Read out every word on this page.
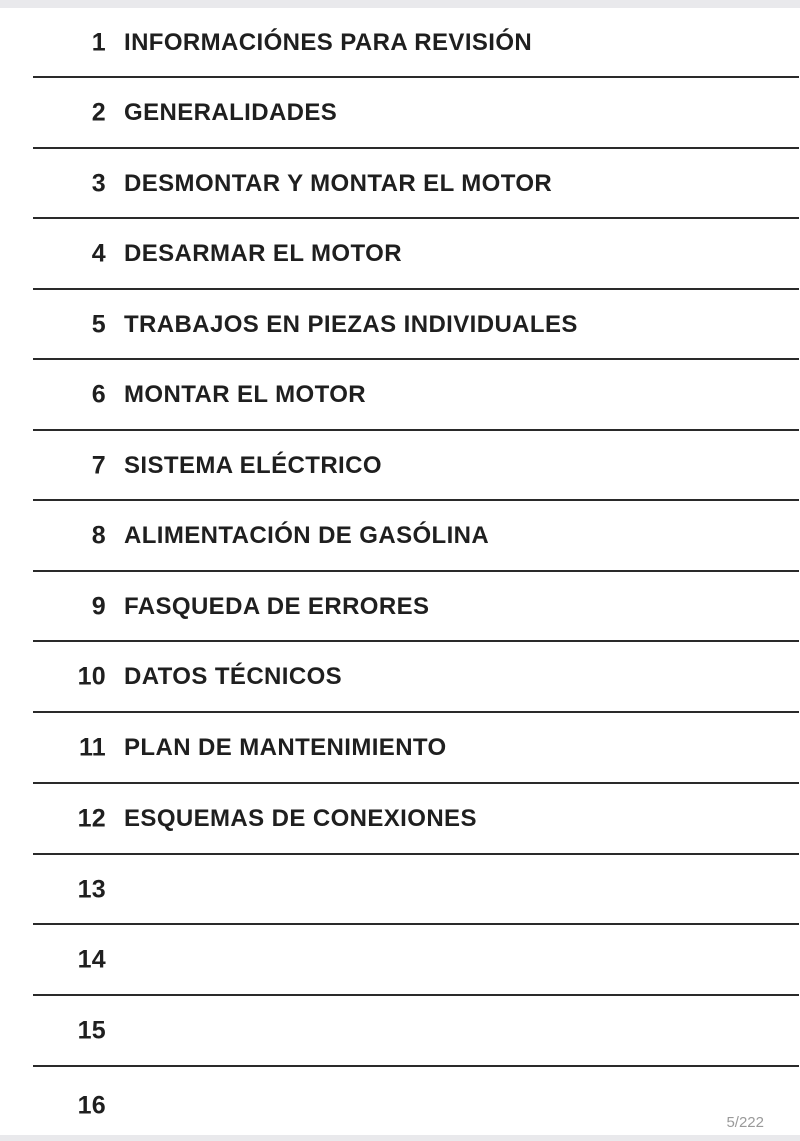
1 INFORMACIÓNES PARA REVISIÓN
2 GENERALIDADES
3 DESMONTAR Y MONTAR EL MOTOR
4 DESARMAR EL MOTOR
5 TRABAJOS EN PIEZAS INDIVIDUALES
6 MONTAR EL MOTOR
7 SISTEMA ELÉCTRICO
8 ALIMENTACIÓN DE GASÓLINA
9 FASQUEDA DE ERRORES
10 DATOS TÉCNICOS
11 PLAN DE MANTENIMIENTO
12 ESQUEMAS DE CONEXIONES
13
14
15
16
5/222
